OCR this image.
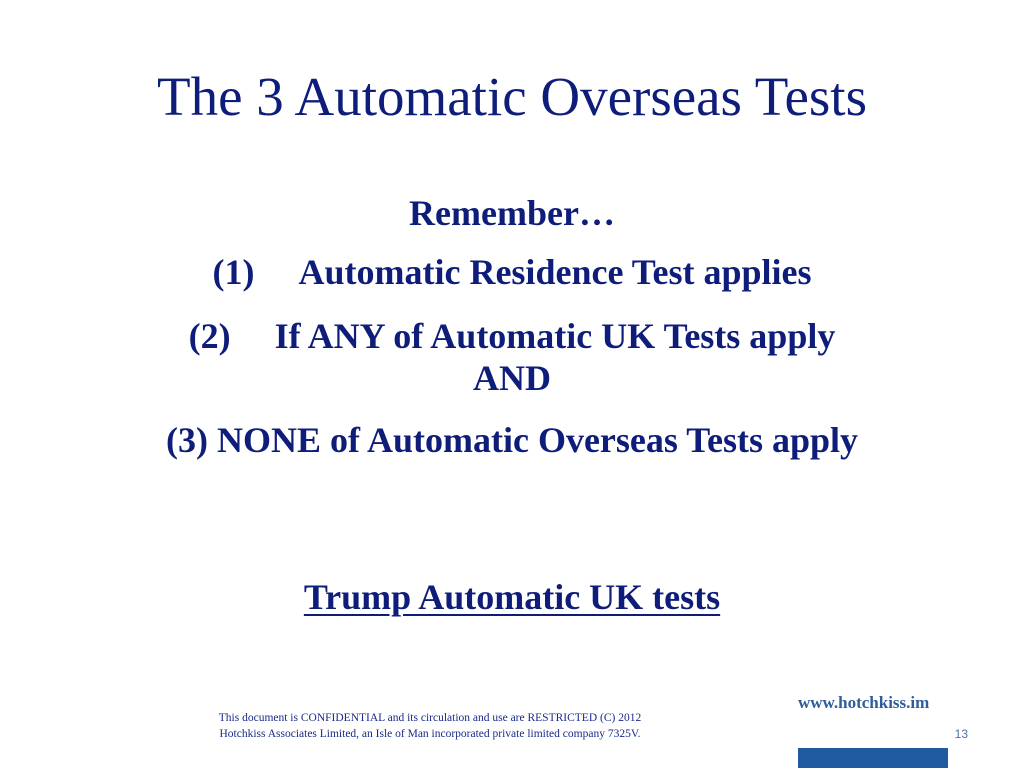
The 3 Automatic Overseas Tests
Remember…
(1) Automatic Residence Test applies
(2) If ANY of Automatic UK Tests apply
AND
(3) NONE of Automatic Overseas Tests apply
Trump Automatic UK tests
This document is CONFIDENTIAL and its circulation and use are RESTRICTED (C) 2012
Hotchkiss Associates Limited, an Isle of Man incorporated private limited company 7325V.
www.hotchkiss.im
13
